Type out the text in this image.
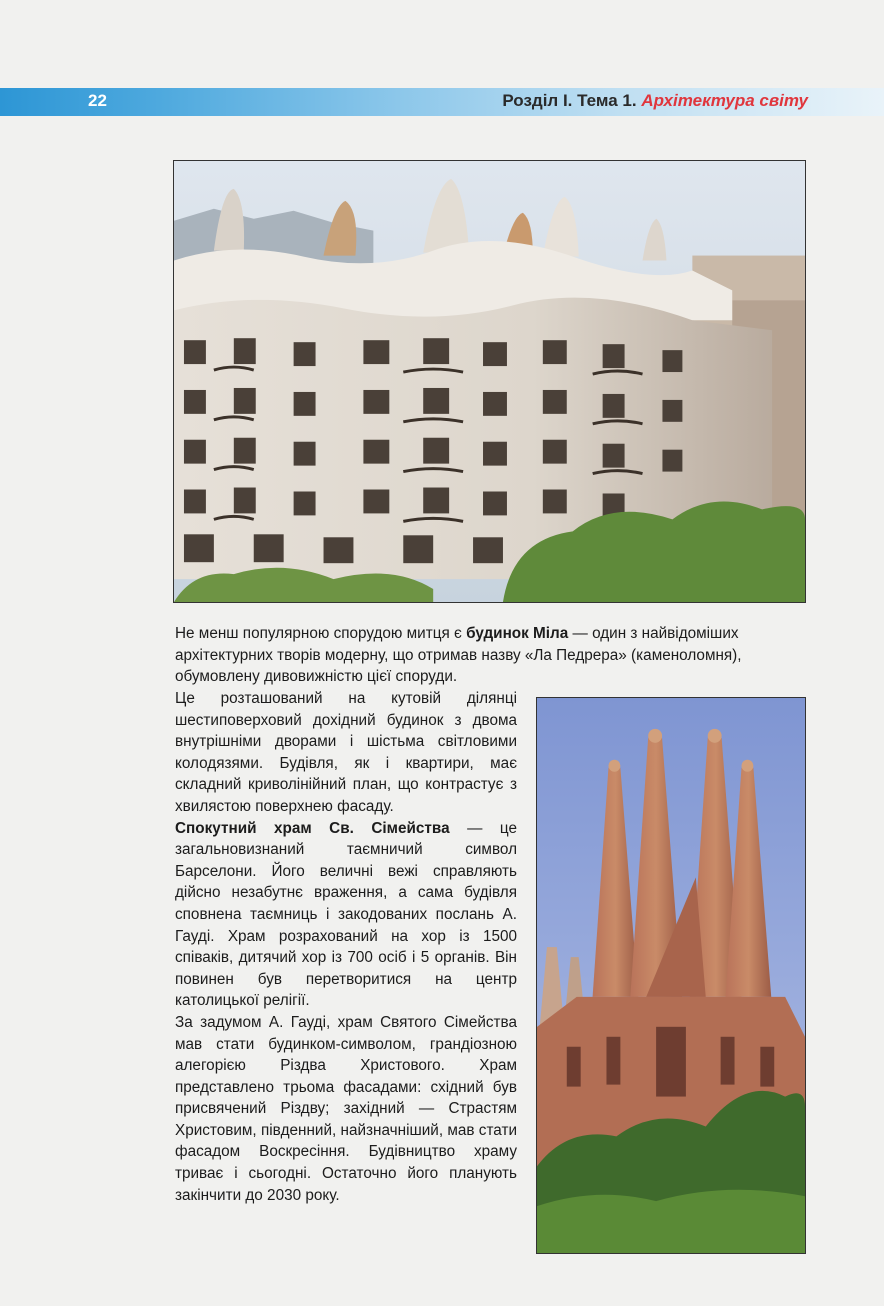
22	Розділ І. Тема 1. Архітектура світу

Не менш популярною спорудою митця є будинок Міла — один з найвідоміших архітектурних творів модерну, що отримав назву «Ла Педрера» (каменоломня), обумовлену дивовижністю цієї споруди.

Це розташований на кутовій ділянці шестиповерховий дохідний будинок з двома внутрішніми дворами і шістьма світловими колодязями. Будівля, як і квартири, має складний криволінійний план, що контрастує з хвилястою поверхнею фасаду.

Спокутний храм Св. Сімейства — це загальновизнаний таємничий символ Барселони. Його величні вежі справляють дійсно незабутнє враження, а сама будівля сповнена таємниць і закодованих послань А. Гауді. Храм розрахований на хор із 1500 співаків, дитячий хор із 700 осіб і 5 органів. Він повинен був перетворитися на центр католицької релігії.

За задумом А. Гауді, храм Святого Сімейства мав стати будинком-символом, грандіозною алегорією Різдва Христового. Храм представлено трьома фасадами: східний був присвячений Різдву; західний — Страстям Христовим, південний, найзначніший, мав стати фасадом Воскресіння. Будівництво храму триває і сьогодні. Остаточно його планують закінчити до 2030 року.
